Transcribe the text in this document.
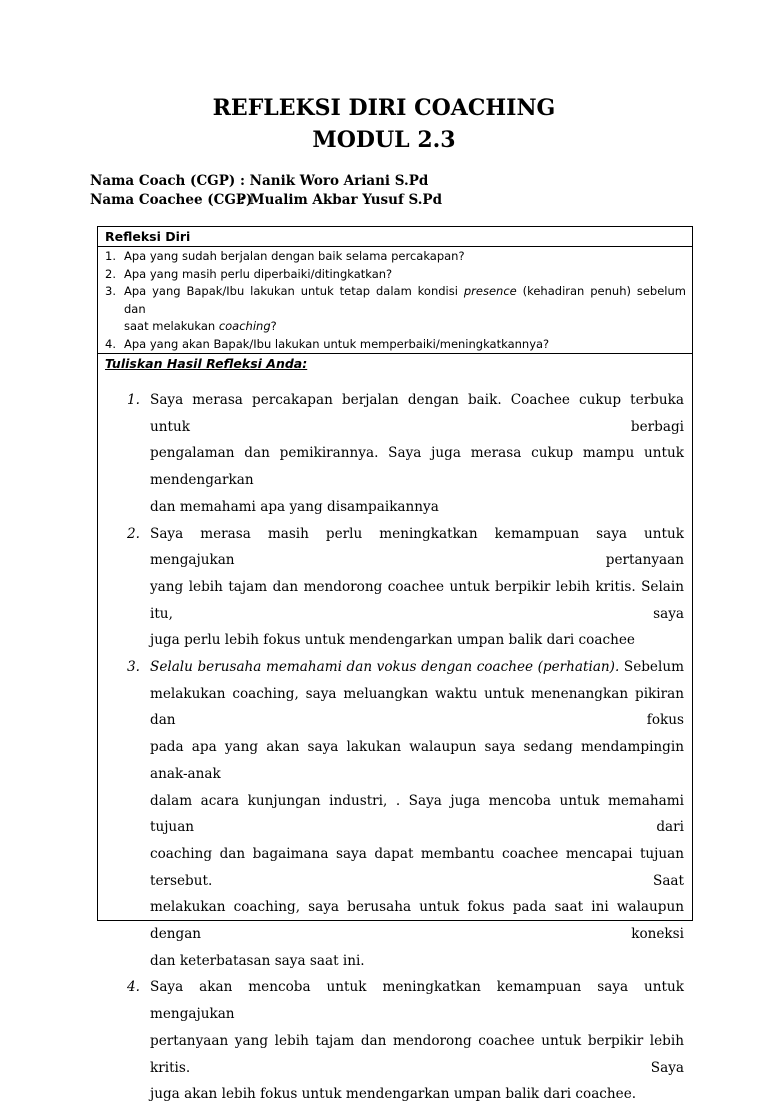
REFLEKSI DIRI COACHING
MODUL 2.3
Nama Coach (CGP) : Nanik Woro Ariani S.Pd
Nama Coachee (CGP): Mualim Akbar Yusuf S.Pd
Refleksi Diri
1. Apa yang sudah berjalan dengan baik selama percakapan?
2. Apa yang masih perlu diperbaiki/ditingkatkan?
3. Apa yang Bapak/Ibu lakukan untuk tetap dalam kondisi presence (kehadiran penuh) sebelum dan
saat melakukan coaching?
4. Apa yang akan Bapak/Ibu lakukan untuk memperbaiki/meningkatkannya?
Tuliskan Hasil Refleksi Anda:
1. Saya merasa percakapan berjalan dengan baik. Coachee cukup terbuka untuk berbagi
pengalaman dan pemikirannya. Saya juga merasa cukup mampu untuk mendengarkan
dan memahami apa yang disampaikannya
2. Saya merasa masih perlu meningkatkan kemampuan saya untuk mengajukan pertanyaan
yang lebih tajam dan mendorong coachee untuk berpikir lebih kritis. Selain itu, saya
juga perlu lebih fokus untuk mendengarkan umpan balik dari coachee
3. Selalu berusaha memahami dan vokus dengan coachee (perhatian). Sebelum
melakukan coaching, saya meluangkan waktu untuk menenangkan pikiran dan fokus
pada apa yang akan saya lakukan walaupun saya sedang mendampingin anak-anak
dalam acara kunjungan industri, . Saya juga mencoba untuk memahami tujuan dari
coaching dan bagaimana saya dapat membantu coachee mencapai tujuan tersebut. Saat
melakukan coaching, saya berusaha untuk fokus pada saat ini walaupun dengan koneksi
dan keterbatasan saya saat ini.
4. Saya akan mencoba untuk meningkatkan kemampuan saya untuk mengajukan
pertanyaan yang lebih tajam dan mendorong coachee untuk berpikir lebih kritis. Saya
juga akan lebih fokus untuk mendengarkan umpan balik dari coachee.
